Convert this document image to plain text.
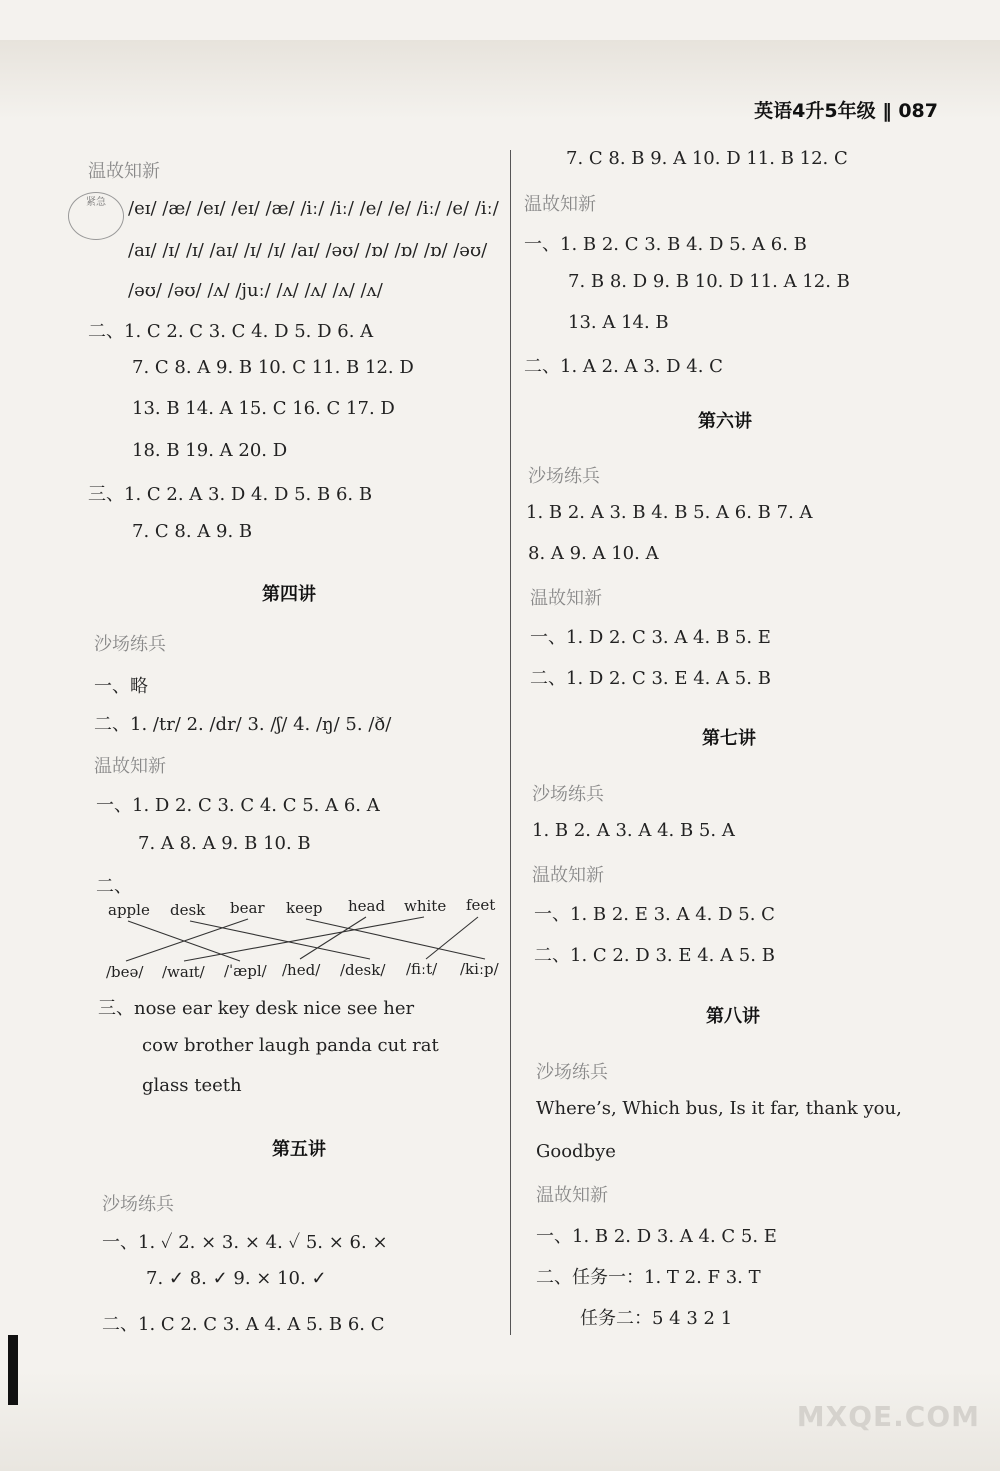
英语4升5年级 ‖ 087
紧急
MXQE.COM
温故知新
/eɪ/ /æ/ /eɪ/ /eɪ/ /æ/ /iː/ /iː/ /e/ /e/ /iː/ /e/ /iː/
/aɪ/ /ɪ/ /ɪ/ /aɪ/ /ɪ/ /ɪ/ /aɪ/ /əʊ/ /ɒ/ /ɒ/ /ɒ/ /əʊ/
/əʊ/ /əʊ/ /ʌ/ /juː/ /ʌ/ /ʌ/ /ʌ/ /ʌ/
二、1. C 2. C 3. C 4. D 5. D 6. A
7. C 8. A 9. B 10. C 11. B 12. D
13. B 14. A 15. C 16. C 17. D
18. B 19. A 20. D
三、1. C 2. A 3. D 4. D 5. B 6. B
7. C 8. A 9. B
第四讲
沙场练兵
一、略
二、1. /tr/ 2. /dr/ 3. /ʃ/ 4. /ŋ/ 5. /ð/
温故知新
一、1. D 2. C 3. C 4. C 5. A 6. A
7. A 8. A 9. B 10. B
二、
apple desk bear keep head white feet
/beə/ /waɪt/ /ˈæpl/ /hed/ /desk/ /fiːt/ /kiːp/
三、nose ear key desk nice see her
cow brother laugh panda cut rat
glass teeth
第五讲
沙场练兵
一、1. ✓ 2. × 3. × 4. ✓ 5. × 6. ×
7. ✓ 8. ✓ 9. × 10. ✓
二、1. C 2. C 3. A 4. A 5. B 6. C
7. C 8. B 9. A 10. D 11. B 12. C
温故知新
一、1. B 2. C 3. B 4. D 5. A 6. B
7. B 8. D 9. B 10. D 11. A 12. B
13. A 14. B
二、1. A 2. A 3. D 4. C
第六讲
沙场练兵
1. B 2. A 3. B 4. B 5. A 6. B 7. A
8. A 9. A 10. A
温故知新
一、1. D 2. C 3. A 4. B 5. E
二、1. D 2. C 3. E 4. A 5. B
第七讲
沙场练兵
1. B 2. A 3. A 4. B 5. A
温故知新
一、1. B 2. E 3. A 4. D 5. C
二、1. C 2. D 3. E 4. A 5. B
第八讲
沙场练兵
Where’s, Which bus, Is it far, thank you,
Goodbye
温故知新
一、1. B 2. D 3. A 4. C 5. E
二、任务一：1. T 2. F 3. T
任务二：5 4 3 2 1
